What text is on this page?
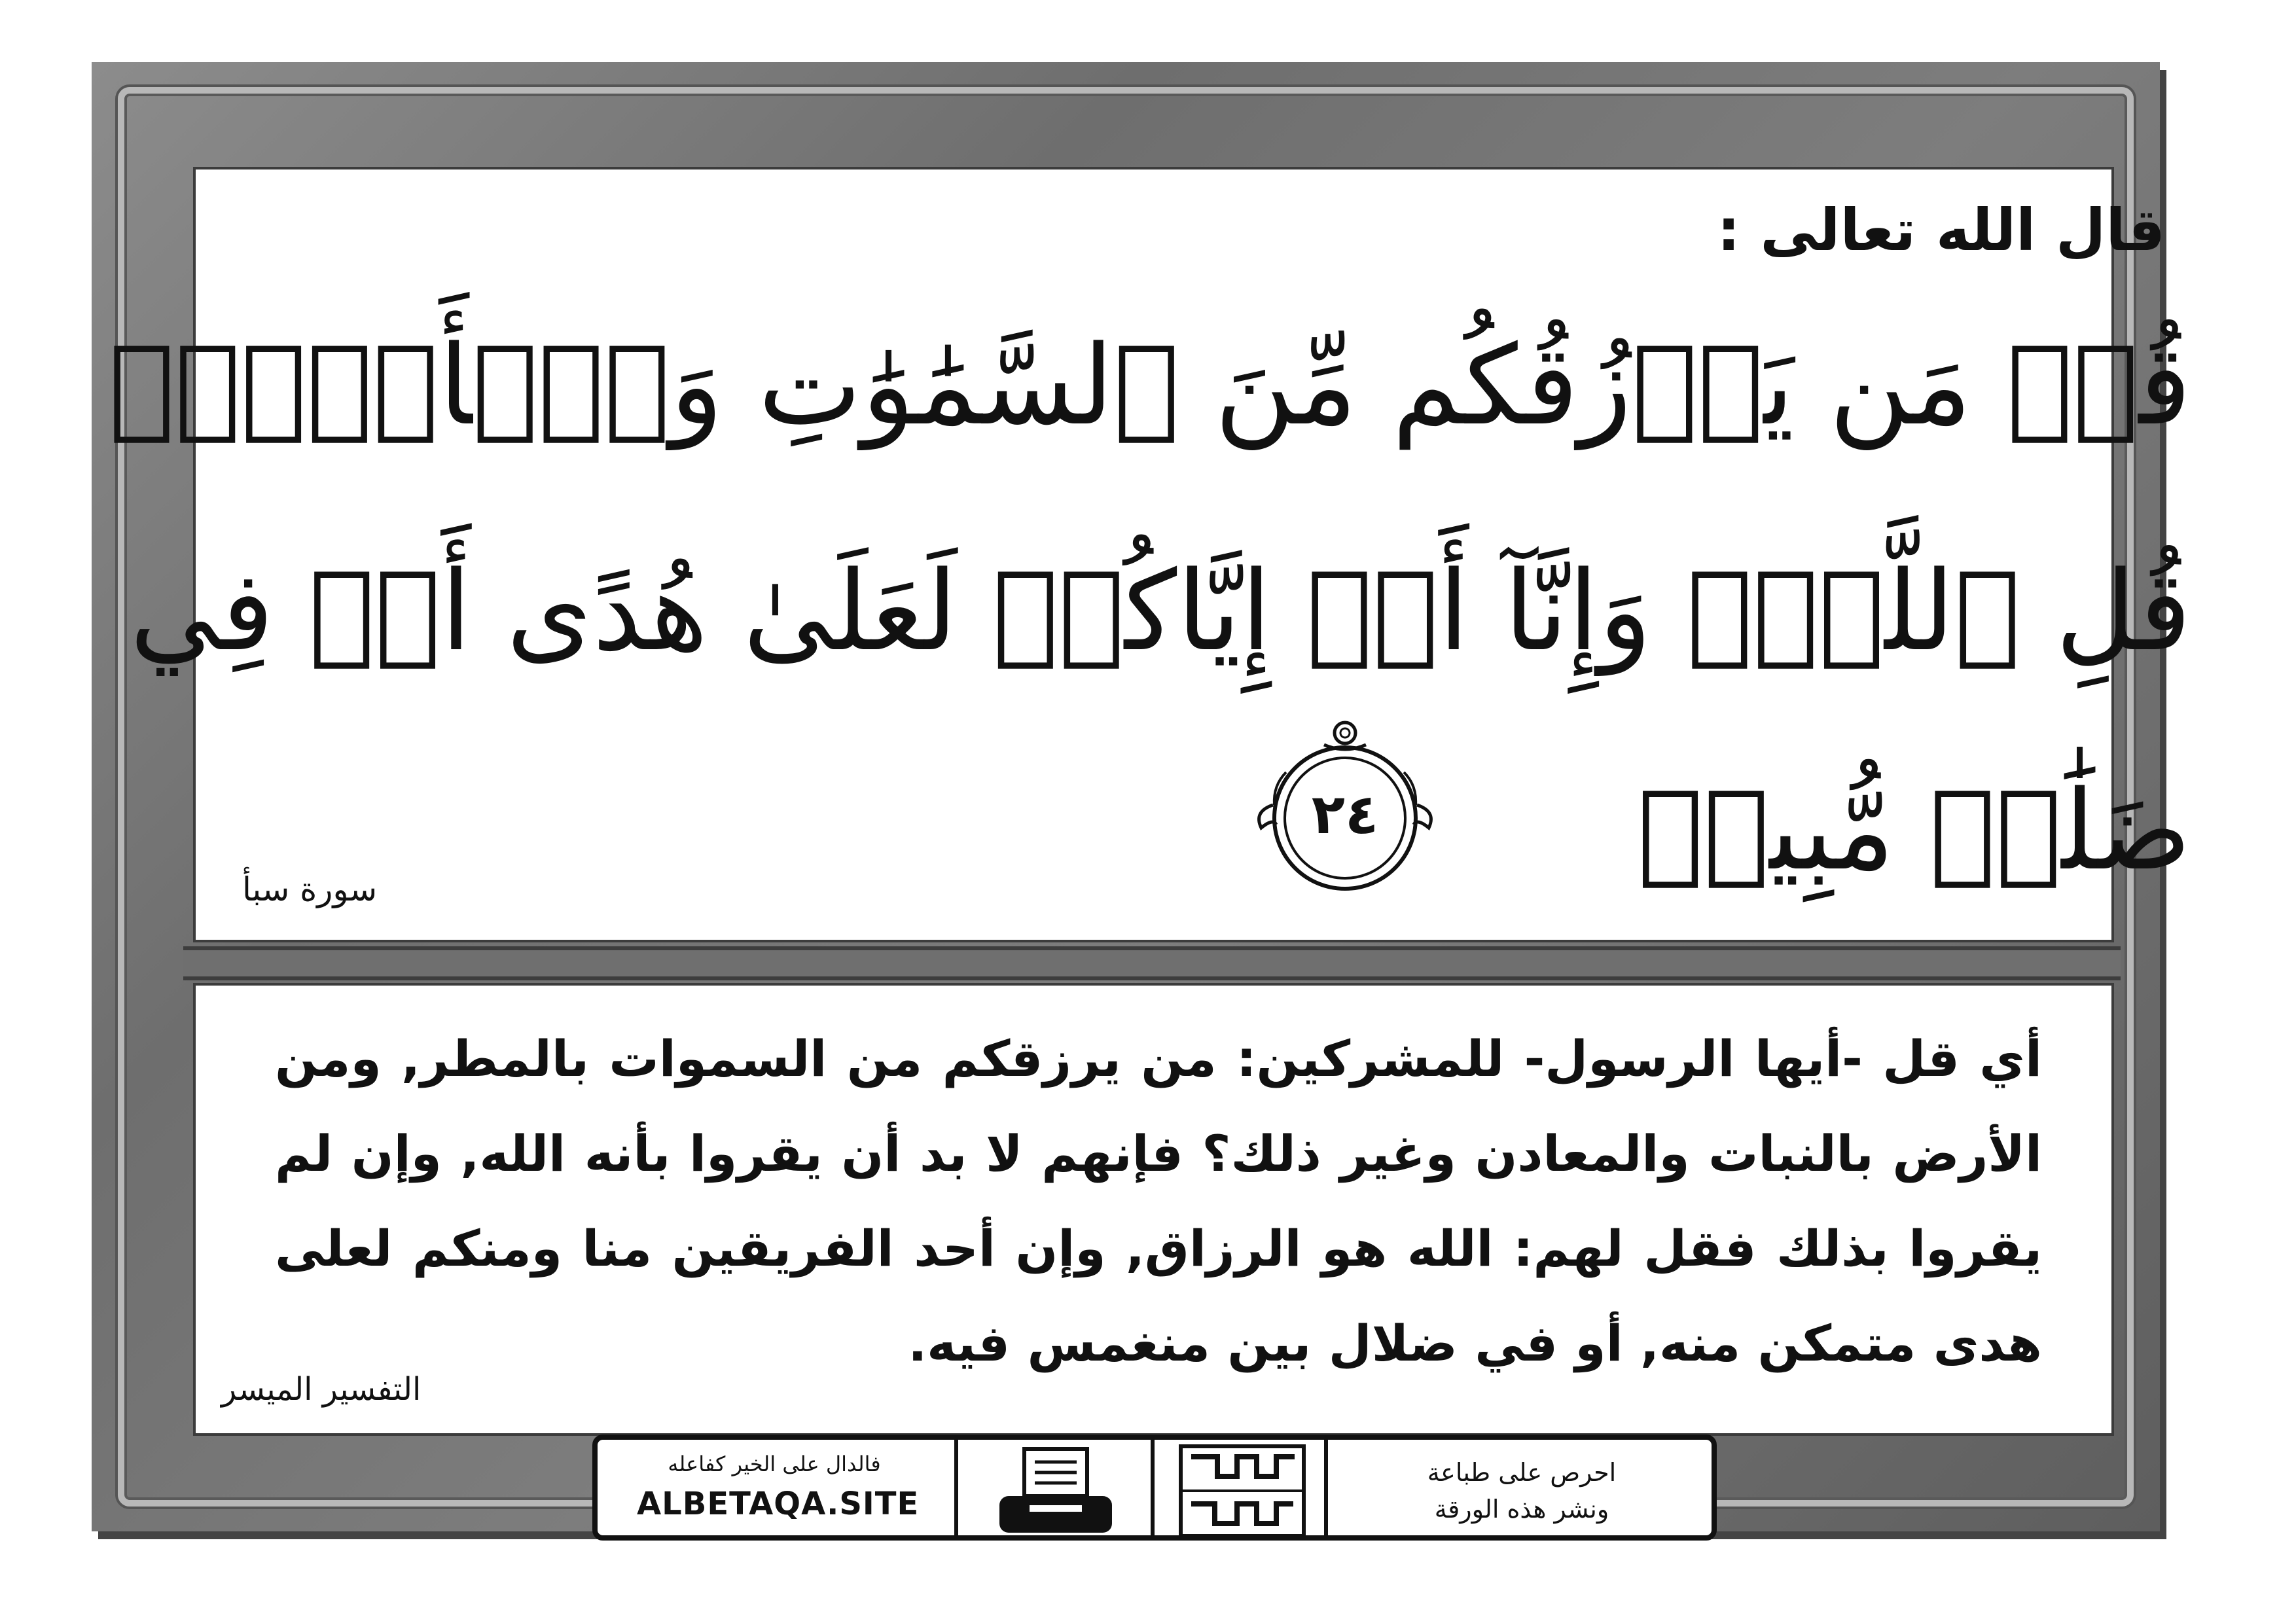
قال الله تعالى :
قُلۡ مَن يَرۡزُقُكُم مِّنَ ٱلسَّمَٰوَٰتِ وَٱلۡأَرۡضِۖ
قُلِ ٱللَّهُۖ وَإِنَّآ أَوۡ إِيَّاكُمۡ لَعَلَىٰ هُدًى أَوۡ فِي
ضَلَٰلٖ مُّبِينٖ
٢٤
سورة سبأ
أي قل -أيها الرسول- للمشركين: من يرزقكم من السموات بالمطر, ومن الأرض بالنبات والمعادن وغير ذلك؟ فإنهم لا بد أن يقروا بأنه الله, وإن لم يقروا بذلك فقل لهم: الله هو الرزاق, وإن أحد الفريقين منا ومنكم لعلى هدى متمكن منه, أو في ضلال بين منغمس فيه.
التفسير الميسر
فالدال على الخير كفاعله
ALBETAQA.SITE
احرص على طباعة
ونشر هذه الورقة
